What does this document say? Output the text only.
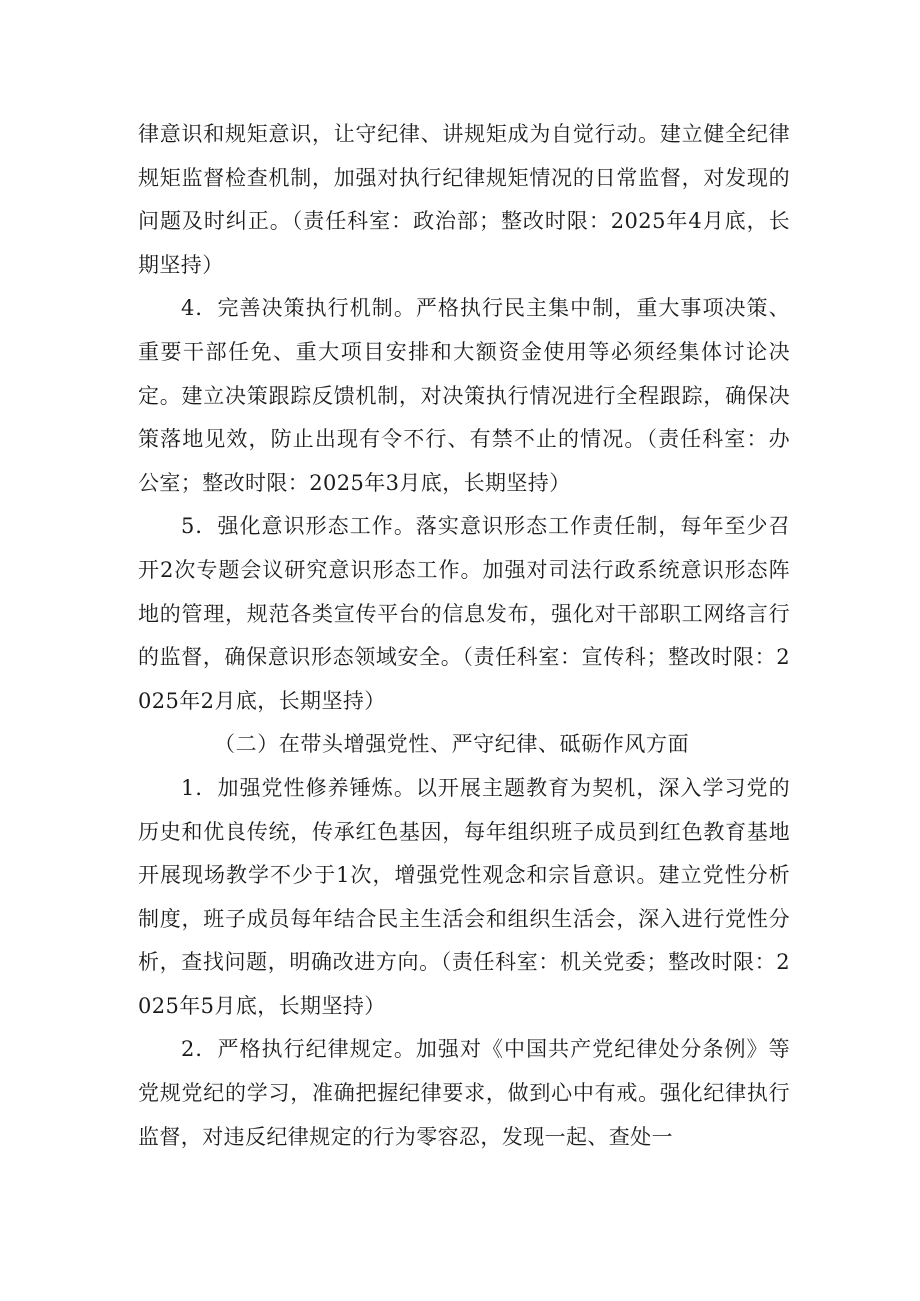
律意识和规矩意识，让守纪律、讲规矩成为自觉行动。建立健全纪律规矩监督检查机制，加强对执行纪律规矩情况的日常监督，对发现的问题及时纠正。（责任科室：政治部；整改时限：2025年4月底，长期坚持）

4．完善决策执行机制。严格执行民主集中制，重大事项决策、重要干部任免、重大项目安排和大额资金使用等必须经集体讨论决定。建立决策跟踪反馈机制，对决策执行情况进行全程跟踪，确保决策落地见效，防止出现有令不行、有禁不止的情况。（责任科室：办公室；整改时限：2025年3月底，长期坚持）

5．强化意识形态工作。落实意识形态工作责任制，每年至少召开2次专题会议研究意识形态工作。加强对司法行政系统意识形态阵地的管理，规范各类宣传平台的信息发布，强化对干部职工网络言行的监督，确保意识形态领域安全。（责任科室：宣传科；整改时限：2025年2月底，长期坚持）

（二）在带头增强党性、严守纪律、砥砺作风方面

1．加强党性修养锤炼。以开展主题教育为契机，深入学习党的历史和优良传统，传承红色基因，每年组织班子成员到红色教育基地开展现场教学不少于1次，增强党性观念和宗旨意识。建立党性分析制度，班子成员每年结合民主生活会和组织生活会，深入进行党性分析，查找问题，明确改进方向。（责任科室：机关党委；整改时限：2025年5月底，长期坚持）

2．严格执行纪律规定。加强对《中国共产党纪律处分条例》等党规党纪的学习，准确把握纪律要求，做到心中有戒。强化纪律执行监督，对违反纪律规定的行为零容忍，发现一起、查处一
